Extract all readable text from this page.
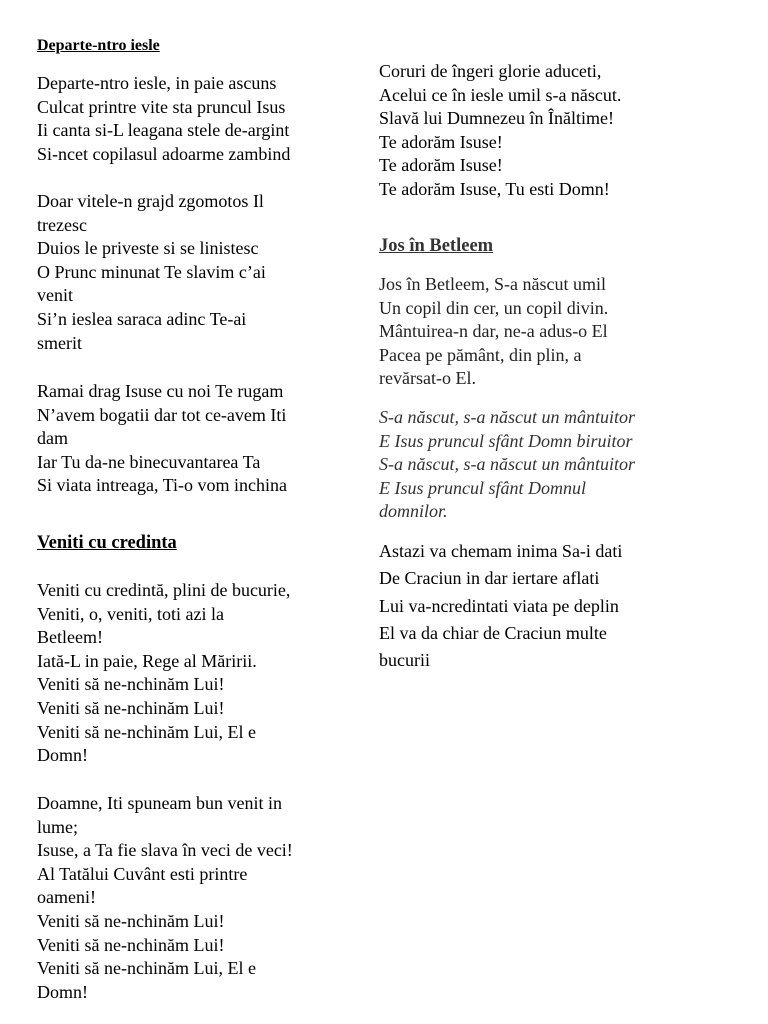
Departe-ntro iesle
Departe-ntro iesle, in paie ascuns
Culcat printre vite sta pruncul Isus
Ii canta si-L leagana stele de-argint
Si-ncet copilasul adoarme zambind
Doar vitele-n grajd zgomotos Il
trezesc
Duios le priveste si se linistesc
O Prunc minunat Te slavim c’ai
venit
Si’n ieslea saraca adinc Te-ai
smerit
Ramai drag Isuse cu noi Te rugam
N’avem bogatii dar tot ce-avem Iti
dam
Iar Tu da-ne binecuvantarea Ta
Si viata intreaga, Ti-o vom inchina
Veniti cu credinta
Veniti cu credintă, plini de bucurie,
Veniti, o, veniti, toti azi la
Betleem!
Iată-L in paie, Rege al Măririi.
Veniti să ne-nchinăm Lui!
Veniti să ne-nchinăm Lui!
Veniti să ne-nchinăm Lui, El e
Domn!
Doamne, Iti spuneam bun venit in
lume;
Isuse, a Ta fie slava în veci de veci!
Al Tatălui Cuvânt esti printre
oameni!
Veniti să ne-nchinăm Lui!
Veniti să ne-nchinăm Lui!
Veniti să ne-nchinăm Lui, El e
Domn!
Coruri de îngeri glorie aduceti,
Acelui ce în iesle umil s-a născut.
Slavă lui Dumnezeu în Înăltime!
Te adorăm Isuse!
Te adorăm Isuse!
Te adorăm Isuse, Tu esti Domn!
Jos în Betleem
Jos în Betleem, S-a născut umil
Un copil din cer, un copil divin.
Mântuirea-n dar, ne-a adus-o El
Pacea pe pământ, din plin, a
revărsat-o El.
S-a născut, s-a născut un mântuitor
E Isus pruncul sfânt Domn biruitor
S-a născut, s-a născut un mântuitor
E Isus pruncul sfânt Domnul
domnilor.
Astazi va chemam inima Sa-i dati
De Craciun in dar iertare aflati
Lui va-ncredintati viata pe deplin
El va da chiar de Craciun multe
bucurii
